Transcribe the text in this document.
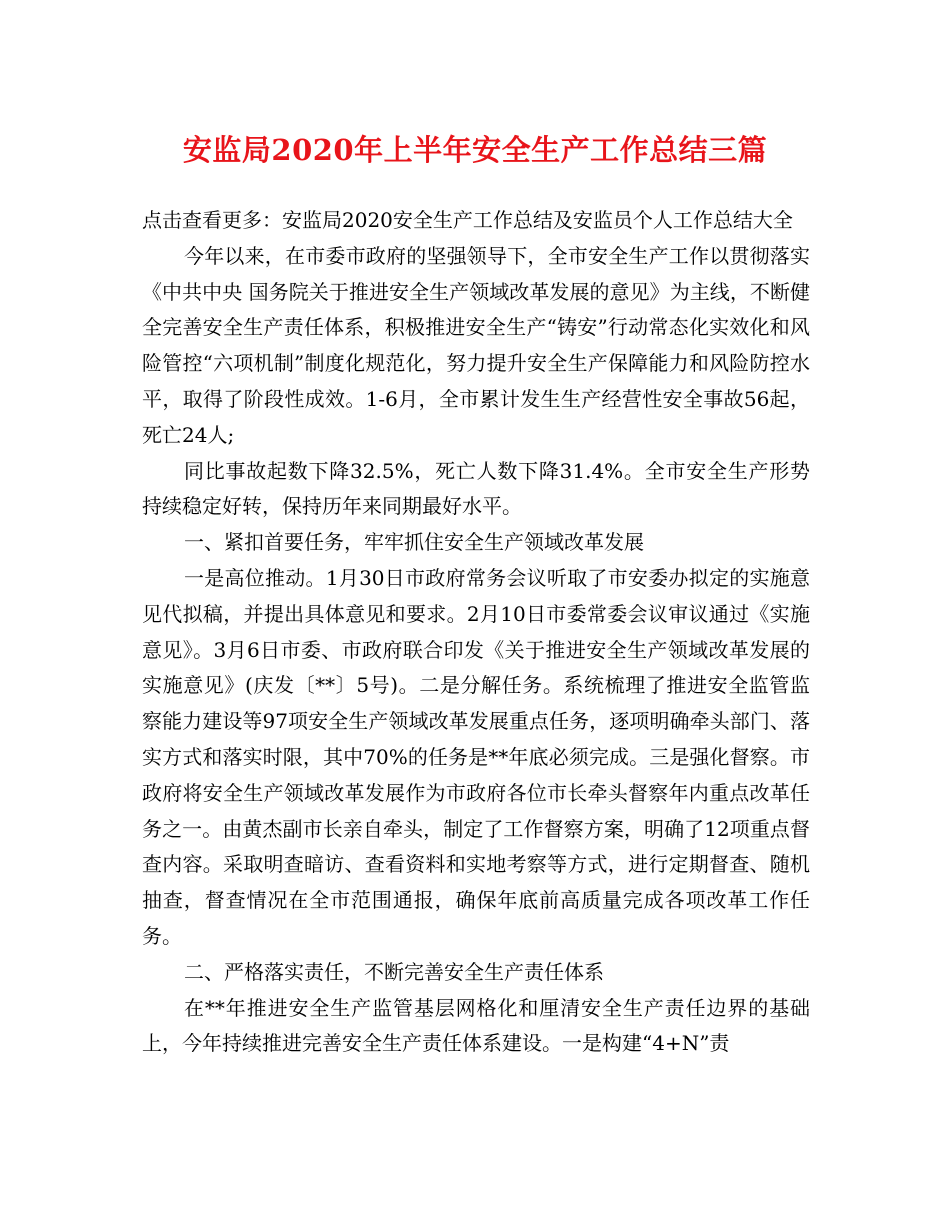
安监局2020年上半年安全生产工作总结三篇

点击查看更多：安监局2020安全生产工作总结及安监员个人工作总结大全

今年以来，在市委市政府的坚强领导下，全市安全生产工作以贯彻落实《中共中央 国务院关于推进安全生产领域改革发展的意见》为主线，不断健全完善安全生产责任体系，积极推进安全生产“铸安”行动常态化实效化和风险管控“六项机制”制度化规范化，努力提升安全生产保障能力和风险防控水平，取得了阶段性成效。1-6月，全市累计发生生产经营性安全事故56起，死亡24人;

同比事故起数下降32.5%，死亡人数下降31.4%。全市安全生产形势持续稳定好转，保持历年来同期最好水平。

一、紧扣首要任务，牢牢抓住安全生产领域改革发展

一是高位推动。1月30日市政府常务会议听取了市安委办拟定的实施意见代拟稿，并提出具体意见和要求。2月10日市委常委会议审议通过《实施意见》。3月6日市委、市政府联合印发《关于推进安全生产领域改革发展的实施意见》(庆发〔**〕5号)。二是分解任务。系统梳理了推进安全监管监察能力建设等97项安全生产领域改革发展重点任务，逐项明确牵头部门、落实方式和落实时限，其中70%的任务是**年底必须完成。三是强化督察。市政府将安全生产领域改革发展作为市政府各位市长牵头督察年内重点改革任务之一。由黄杰副市长亲自牵头，制定了工作督察方案，明确了12项重点督查内容。采取明查暗访、查看资料和实地考察等方式，进行定期督查、随机抽查，督查情况在全市范围通报，确保年底前高质量完成各项改革工作任务。

二、严格落实责任，不断完善安全生产责任体系

在**年推进安全生产监管基层网格化和厘清安全生产责任边界的基础上，今年持续推进完善安全生产责任体系建设。一是构建“4+N”责
